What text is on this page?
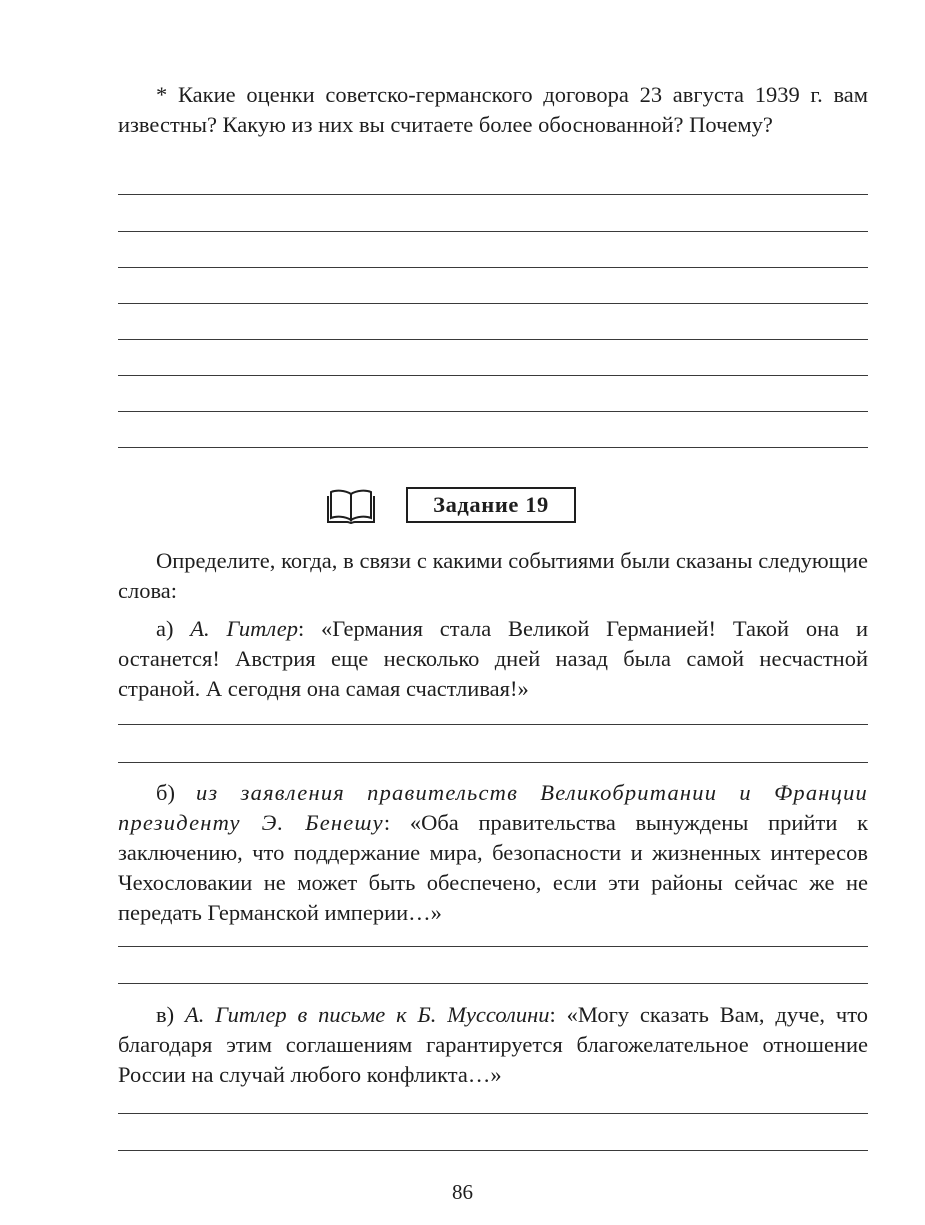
* Какие оценки советско-германского договора 23 августа 1939 г. вам известны? Какую из них вы считаете более обоснованной? Почему?

Задание 19

Определите, когда, в связи с какими событиями были сказаны следующие слова:

а) А. Гитлер: «Германия стала Великой Германией! Такой она и останется! Австрия еще несколько дней назад была самой несчастной страной. А сегодня она самая счастливая!»

б) из заявления правительств Великобритании и Франции президенту Э. Бенешу: «Оба правительства вынуждены прийти к заключению, что поддержание мира, безопасности и жизненных интересов Чехословакии не может быть обеспечено, если эти районы сейчас же не передать Германской империи…»

в) А. Гитлер в письме к Б. Муссолини: «Могу сказать Вам, дуче, что благодаря этим соглашениям гарантируется благожелательное отношение России на случай любого конфликта…»

86
